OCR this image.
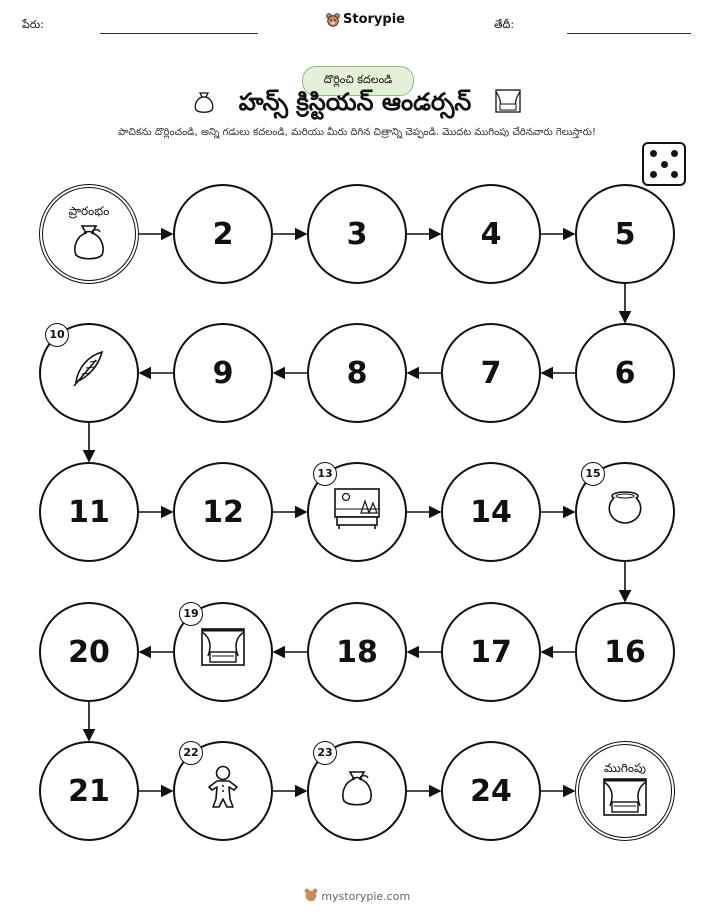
పేరు:	Storypie	తేదీ:
దొర్లించి కదలండి
హన్స్ క్రిస్టియన్ ఆండర్సన్
పాచికను దొర్లించండి, అన్ని గడులు కదలండి, మరియు మీరు దిగిన చిత్రాన్ని చెప్పండి. మొదట ముగింపు చేరినవారు గెలుస్తారు!
ప్రారంభం
2	3	4	5
6
7
8
9
10
11	12
13
14
15
16
17
18
19
20
21
22	23
24
ముగింపు
mystorypie.com
